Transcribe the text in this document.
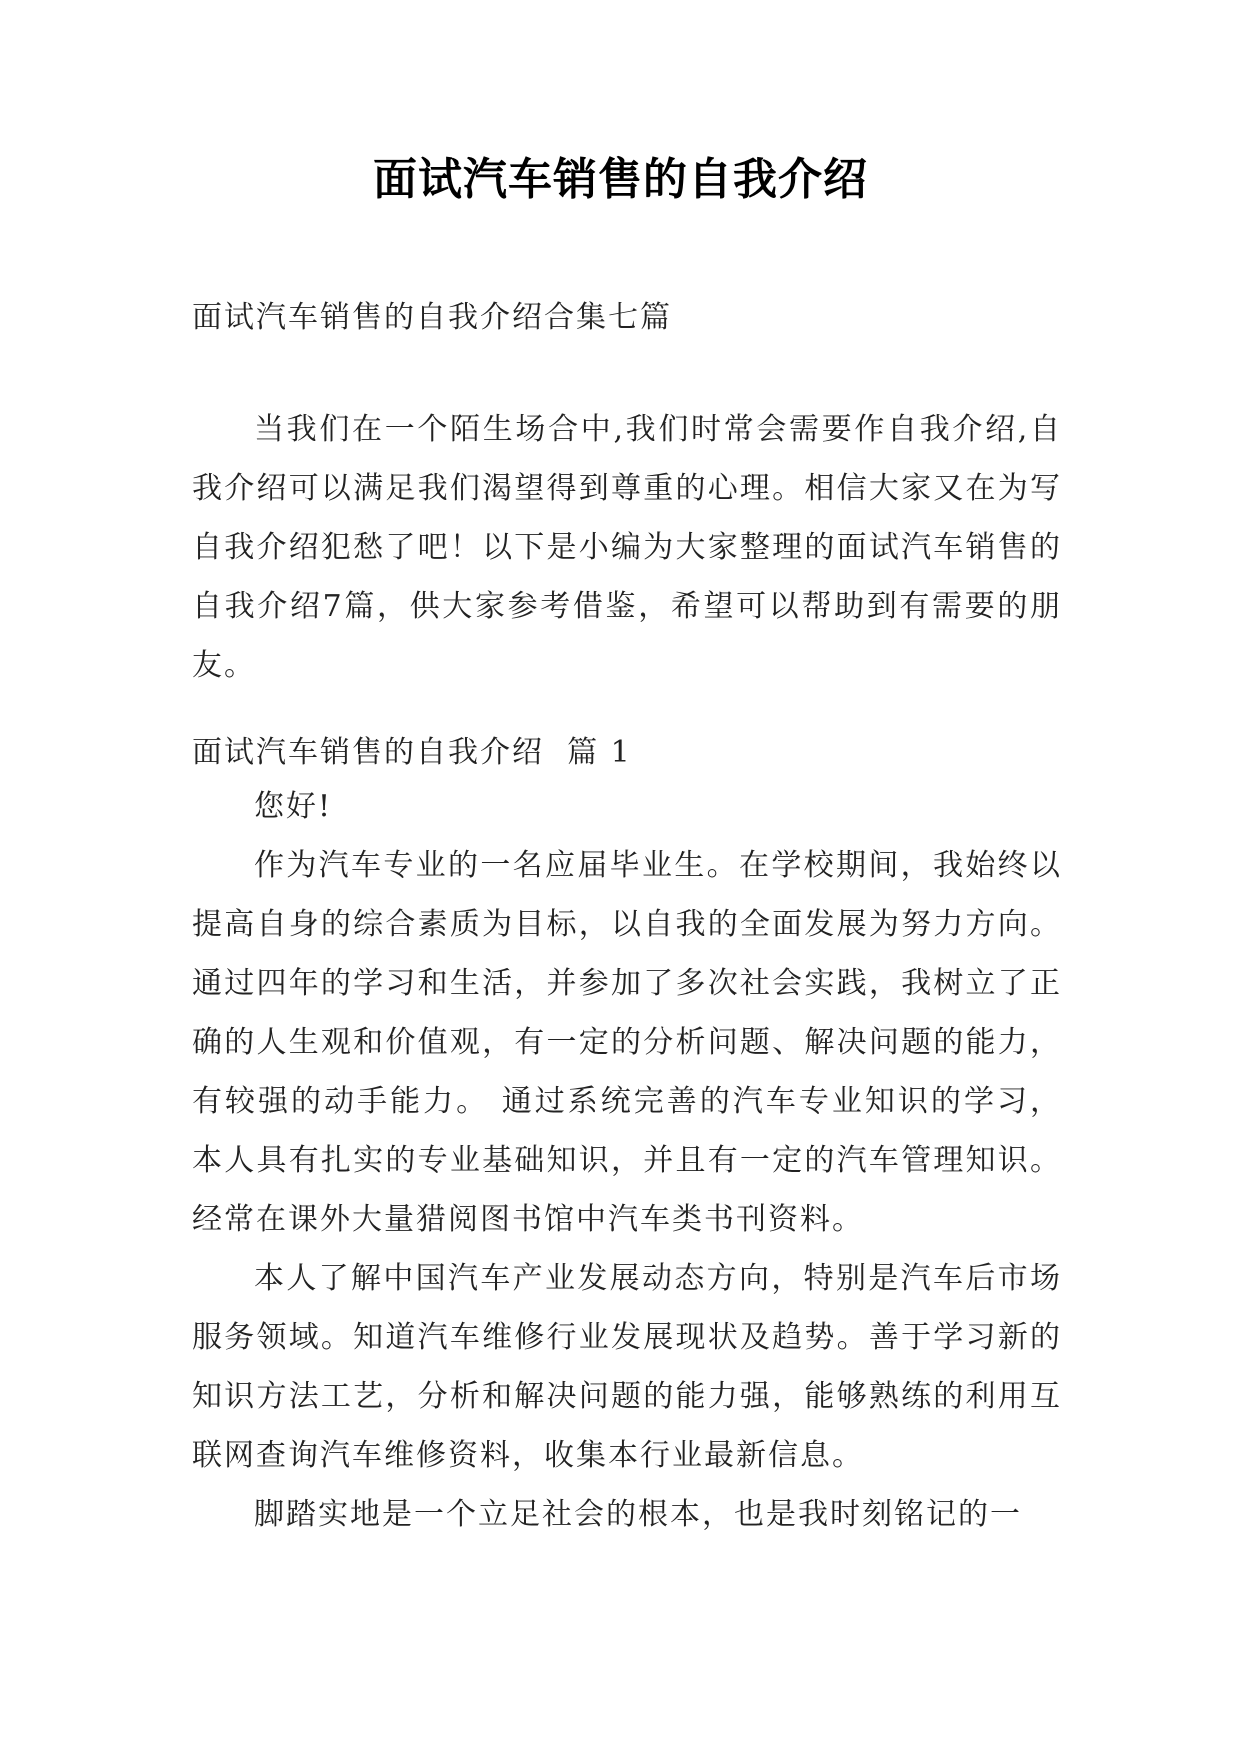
面试汽车销售的自我介绍

面试汽车销售的自我介绍合集七篇

当我们在一个陌生场合中,我们时常会需要作自我介绍,自我介绍可以满足我们渴望得到尊重的心理。相信大家又在为写自我介绍犯愁了吧！以下是小编为大家整理的面试汽车销售的自我介绍7篇，供大家参考借鉴，希望可以帮助到有需要的朋友。

面试汽车销售的自我介绍  篇 1

您好!

作为汽车专业的一名应届毕业生。在学校期间，我始终以提高自身的综合素质为目标，以自我的全面发展为努力方向。通过四年的学习和生活，并参加了多次社会实践，我树立了正确的人生观和价值观，有一定的分析问题、解决问题的能力，有较强的动手能力。 通过系统完善的汽车专业知识的学习，本人具有扎实的专业基础知识，并且有一定的汽车管理知识。经常在课外大量猎阅图书馆中汽车类书刊资料。

本人了解中国汽车产业发展动态方向，特别是汽车后市场服务领域。知道汽车维修行业发展现状及趋势。善于学习新的知识方法工艺，分析和解决问题的能力强，能够熟练的利用互联网查询汽车维修资料，收集本行业最新信息。

脚踏实地是一个立足社会的根本，也是我时刻铭记的一
